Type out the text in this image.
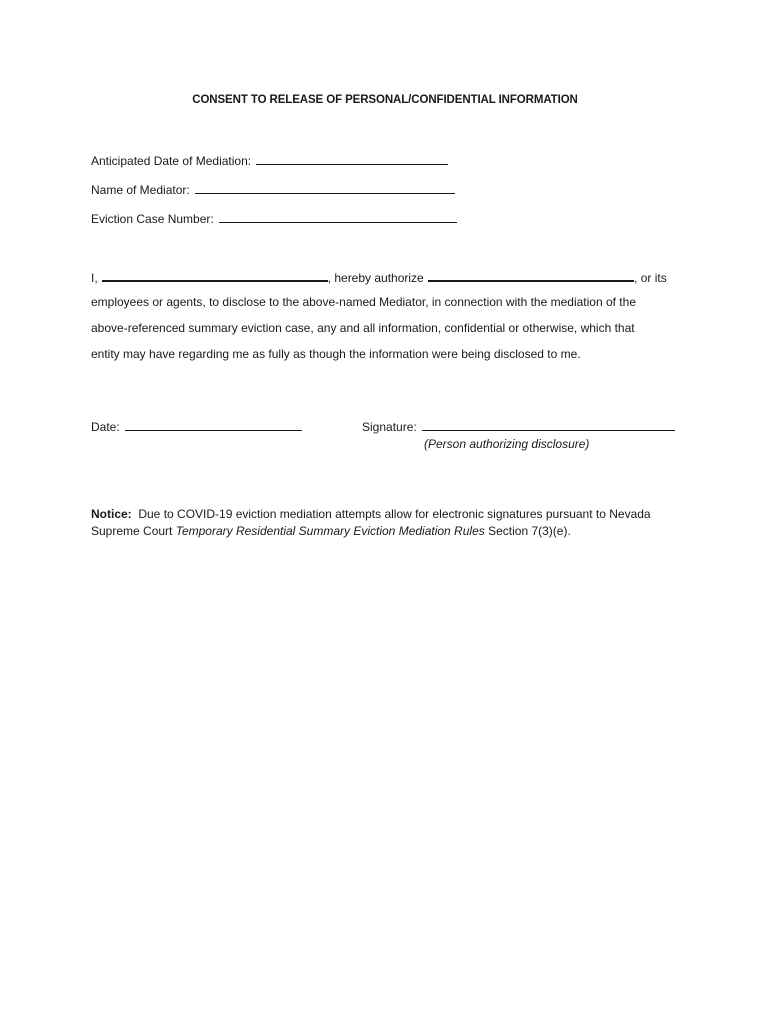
CONSENT TO RELEASE OF PERSONAL/CONFIDENTIAL INFORMATION
Anticipated Date of Mediation:
Name of Mediator:
Eviction Case Number:
I,	, hereby authorize	, or its
employees or agents, to disclose to the above-named Mediator, in connection with the mediation of the
above-referenced summary eviction case, any and all information, confidential or otherwise, which that
entity may have regarding me as fully as though the information were being disclosed to me.
Date:	Signature:
(Person authorizing disclosure)
Notice: Due to COVID-19 eviction mediation attempts allow for electronic signatures pursuant to Nevada Supreme Court Temporary Residential Summary Eviction Mediation Rules Section 7(3)(e).
